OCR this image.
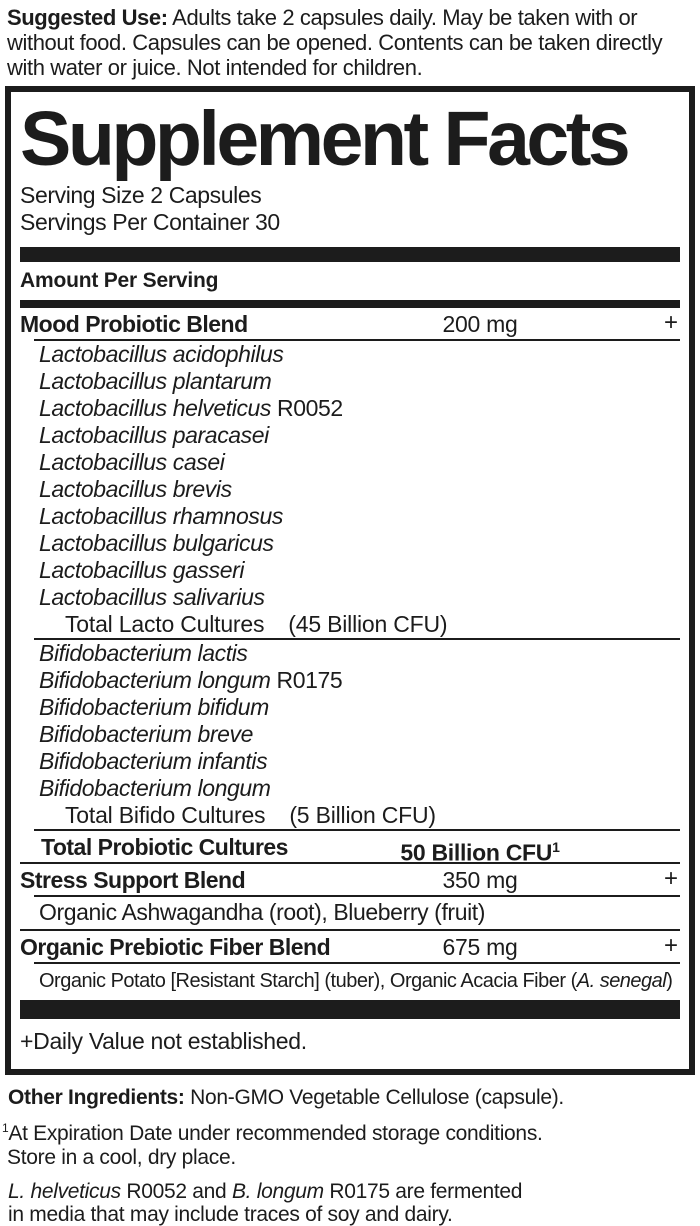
Suggested Use: Adults take 2 capsules daily. May be taken with or without food. Capsules can be opened. Contents can be taken directly with water or juice. Not intended for children.

Supplement Facts
Serving Size 2 Capsules
Servings Per Container 30
Amount Per Serving
Mood Probiotic Blend	200 mg	+
Lactobacillus acidophilus
Lactobacillus plantarum
Lactobacillus helveticus R0052
Lactobacillus paracasei
Lactobacillus casei
Lactobacillus brevis
Lactobacillus rhamnosus
Lactobacillus bulgaricus
Lactobacillus gasseri
Lactobacillus salivarius
Total Lacto Cultures (45 Billion CFU)
Bifidobacterium lactis
Bifidobacterium longum R0175
Bifidobacterium bifidum
Bifidobacterium breve
Bifidobacterium infantis
Bifidobacterium longum
Total Bifido Cultures (5 Billion CFU)
Total Probiotic Cultures	50 Billion CFU$^1$
Stress Support Blend	350 mg	+
Organic Ashwagandha (root), Blueberry (fruit)
Organic Prebiotic Fiber Blend	675 mg	+
Organic Potato [Resistant Starch] (tuber), Organic Acacia Fiber (A. senegal)
+Daily Value not established.

Other Ingredients: Non-GMO Vegetable Cellulose (capsule).

$^1$At Expiration Date under recommended storage conditions.
Store in a cool, dry place.

L. helveticus R0052 and B. longum R0175 are fermented
in media that may include traces of soy and dairy.
